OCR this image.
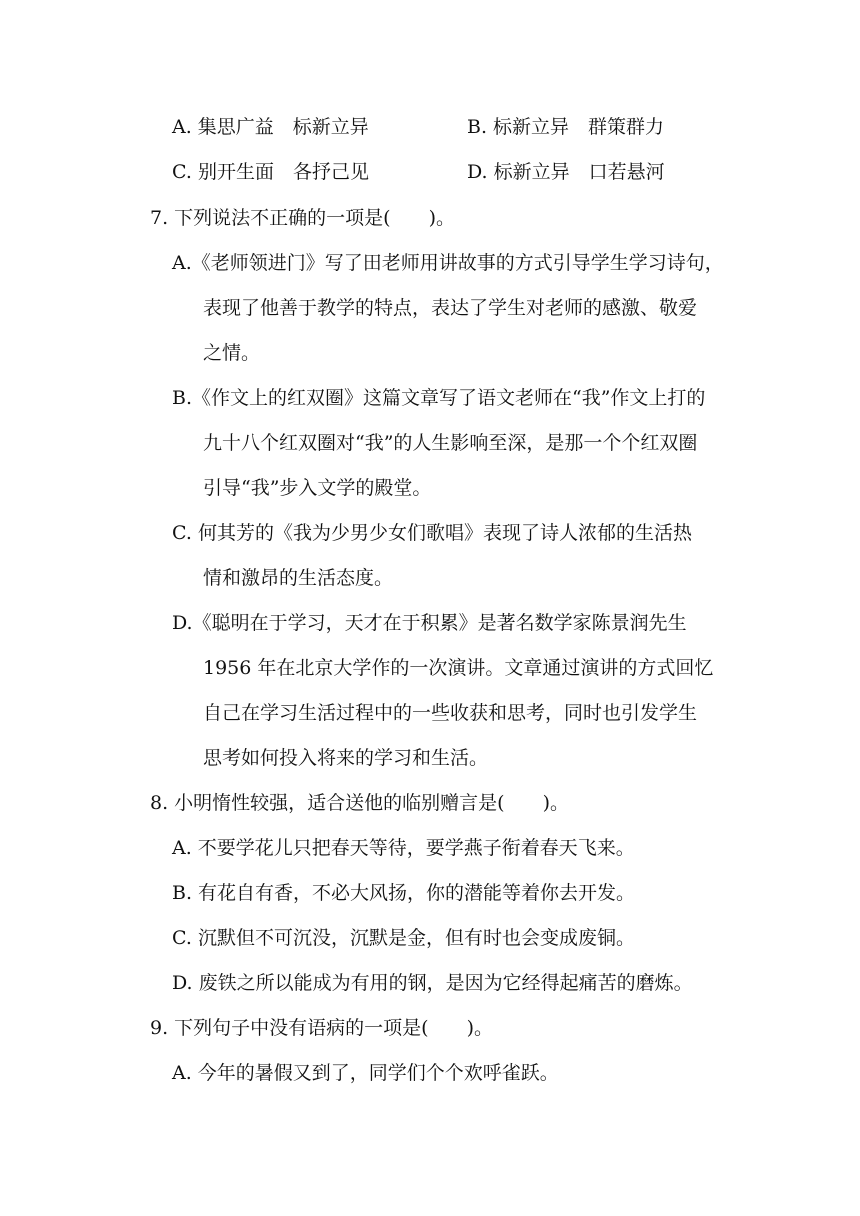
A. 集思广益　标新立异	B. 标新立异　群策群力
C. 别开生面　各抒己见	D. 标新立异　口若悬河
7. 下列说法不正确的一项是(　　)。
A.《老师领进门》写了田老师用讲故事的方式引导学生学习诗句，
表现了他善于教学的特点，表达了学生对老师的感激、敬爱
之情。
B.《作文上的红双圈》这篇文章写了语文老师在“我”作文上打的
九十八个红双圈对“我”的人生影响至深，是那一个个红双圈
引导“我”步入文学的殿堂。
C. 何其芳的《我为少男少女们歌唱》表现了诗人浓郁的生活热
情和激昂的生活态度。
D.《聪明在于学习，天才在于积累》是著名数学家陈景润先生
1956 年在北京大学作的一次演讲。文章通过演讲的方式回忆
自己在学习生活过程中的一些收获和思考，同时也引发学生
思考如何投入将来的学习和生活。
8. 小明惰性较强，适合送他的临别赠言是(　　)。
A. 不要学花儿只把春天等待，要学燕子衔着春天飞来。
B. 有花自有香，不必大风扬，你的潜能等着你去开发。
C. 沉默但不可沉没，沉默是金，但有时也会变成废铜。
D. 废铁之所以能成为有用的钢，是因为它经得起痛苦的磨炼。
9. 下列句子中没有语病的一项是(　　)。
A. 今年的暑假又到了，同学们个个欢呼雀跃。
